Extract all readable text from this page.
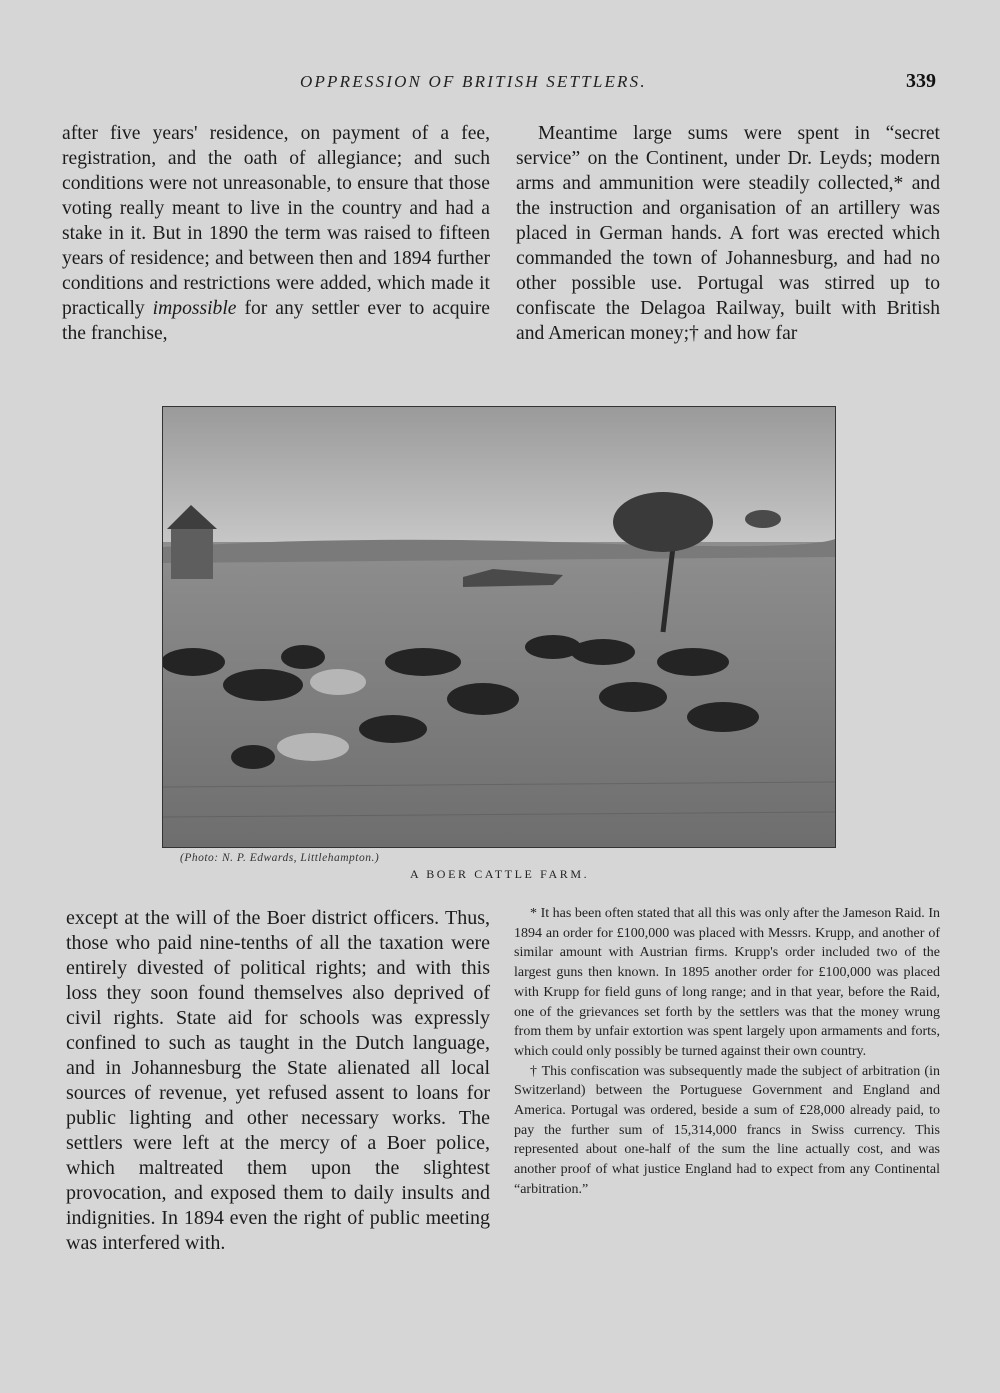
OPPRESSION OF BRITISH SETTLERS.	339

after five years' residence, on payment of a fee, registration, and the oath of allegiance; and such conditions were not unreasonable, to ensure that those voting really meant to live in the country and had a stake in it. But in 1890 the term was raised to fifteen years of residence; and between then and 1894 further conditions and restrictions were added, which made it practically impossible for any settler ever to acquire the franchise,

Meantime large sums were spent in “secret service” on the Continent, under Dr. Leyds; modern arms and ammunition were steadily collected,* and the instruction and organisation of an artillery was placed in German hands. A fort was erected which commanded the town of Johannesburg, and had no other possible use. Portugal was stirred up to confiscate the Delagoa Railway, built with British and American money;† and how far

(Photo: N. P. Edwards, Littlehampton.)
A BOER CATTLE FARM.

except at the will of the Boer district officers. Thus, those who paid nine-tenths of all the taxation were entirely divested of political rights; and with this loss they soon found themselves also deprived of civil rights. State aid for schools was expressly confined to such as taught in the Dutch language, and in Johannesburg the State alienated all local sources of revenue, yet refused assent to loans for public lighting and other necessary works. The settlers were left at the mercy of a Boer police, which maltreated them upon the slightest provocation, and exposed them to daily insults and indignities. In 1894 even the right of public meeting was interfered with.

* It has been often stated that all this was only after the Jameson Raid. In 1894 an order for £100,000 was placed with Messrs. Krupp, and another of similar amount with Austrian firms. Krupp's order included two of the largest guns then known. In 1895 another order for £100,000 was placed with Krupp for field guns of long range; and in that year, before the Raid, one of the grievances set forth by the settlers was that the money wrung from them by unfair extortion was spent largely upon armaments and forts, which could only possibly be turned against their own country.

† This confiscation was subsequently made the subject of arbitration (in Switzerland) between the Portuguese Government and England and America. Portugal was ordered, beside a sum of £28,000 already paid, to pay the further sum of 15,314,000 francs in Swiss currency. This represented about one-half of the sum the line actually cost, and was another proof of what justice England had to expect from any Continental “arbitration.”
